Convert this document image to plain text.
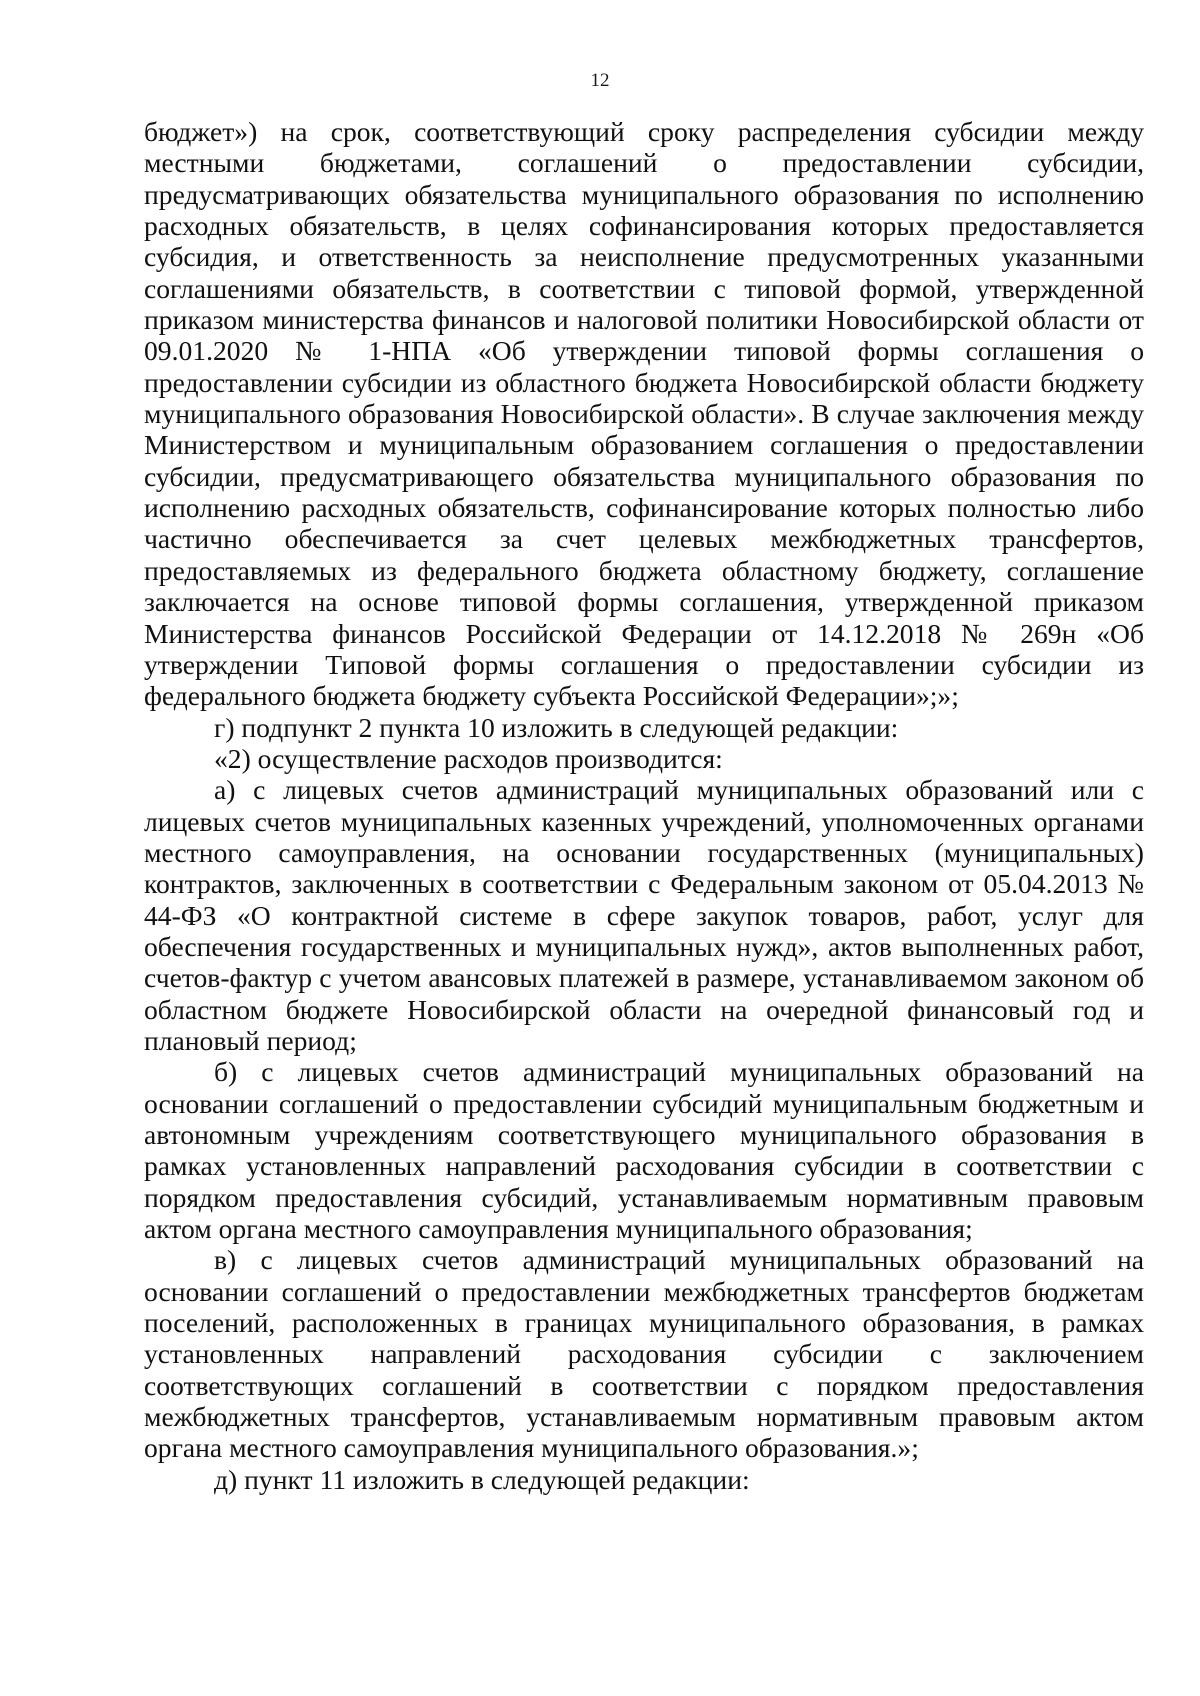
12

бюджет») на срок, соответствующий сроку распределения субсидии между местными бюджетами, соглашений о предоставлении субсидии, предусматривающих обязательства муниципального образования по исполнению расходных обязательств, в целях софинансирования которых предоставляется субсидия, и ответственность за неисполнение предусмотренных указанными соглашениями обязательств, в соответствии с типовой формой, утвержденной приказом министерства финансов и налоговой политики Новосибирской области от 09.01.2020 № 1-НПА «Об утверждении типовой формы соглашения о предоставлении субсидии из областного бюджета Новосибирской области бюджету муниципального образования Новосибирской области». В случае заключения между Министерством и муниципальным образованием соглашения о предоставлении субсидии, предусматривающего обязательства муниципального образования по исполнению расходных обязательств, софинансирование которых полностью либо частично обеспечивается за счет целевых межбюджетных трансфертов, предоставляемых из федерального бюджета областному бюджету, соглашение заключается на основе типовой формы соглашения, утвержденной приказом Министерства финансов Российской Федерации от 14.12.2018 № 269н «Об утверждении Типовой формы соглашения о предоставлении субсидии из федерального бюджета бюджету субъекта Российской Федерации»;»;

г) подпункт 2 пункта 10 изложить в следующей редакции:

«2) осуществление расходов производится:

а) с лицевых счетов администраций муниципальных образований или с лицевых счетов муниципальных казенных учреждений, уполномоченных органами местного самоуправления, на основании государственных (муниципальных) контрактов, заключенных в соответствии с Федеральным законом от 05.04.2013 № 44-ФЗ «О контрактной системе в сфере закупок товаров, работ, услуг для обеспечения государственных и муниципальных нужд», актов выполненных работ, счетов-фактур с учетом авансовых платежей в размере, устанавливаемом законом об областном бюджете Новосибирской области на очередной финансовый год и плановый период;

б) с лицевых счетов администраций муниципальных образований на основании соглашений о предоставлении субсидий муниципальным бюджетным и автономным учреждениям соответствующего муниципального образования в рамках установленных направлений расходования субсидии в соответствии с порядком предоставления субсидий, устанавливаемым нормативным правовым актом органа местного самоуправления муниципального образования;

в) с лицевых счетов администраций муниципальных образований на основании соглашений о предоставлении межбюджетных трансфертов бюджетам поселений, расположенных в границах муниципального образования, в рамках установленных направлений расходования субсидии с заключением соответствующих соглашений в соответствии с порядком предоставления межбюджетных трансфертов, устанавливаемым нормативным правовым актом органа местного самоуправления муниципального образования.»;

д) пункт 11 изложить в следующей редакции:
